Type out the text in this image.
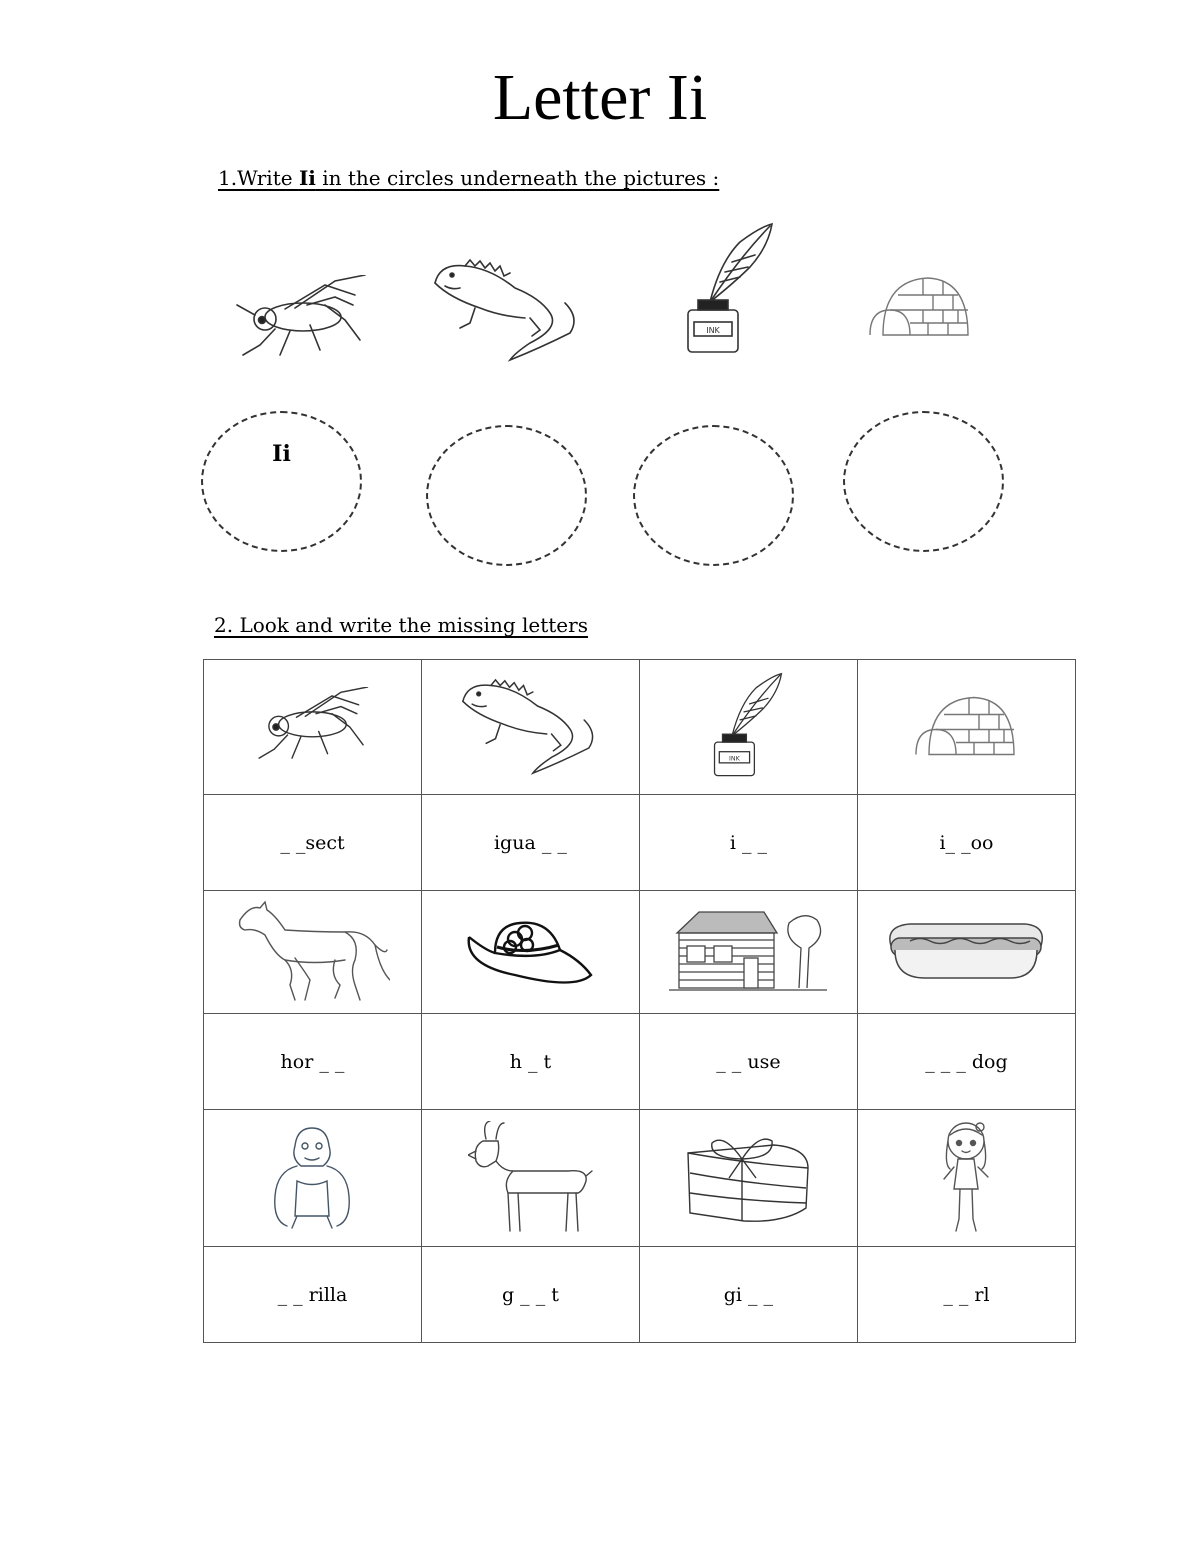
Letter Ii
1.Write Ii in the circles underneath the pictures :
INK
Ii
2. Look and write the missing letters

INK

_ _sect	igua _ _	i _ _	i_ _oo

hor _ _	h _ t	_ _ use	_ _ _ dog

_ _ rilla	g _ _ t	gi _ _	_ _ rl
